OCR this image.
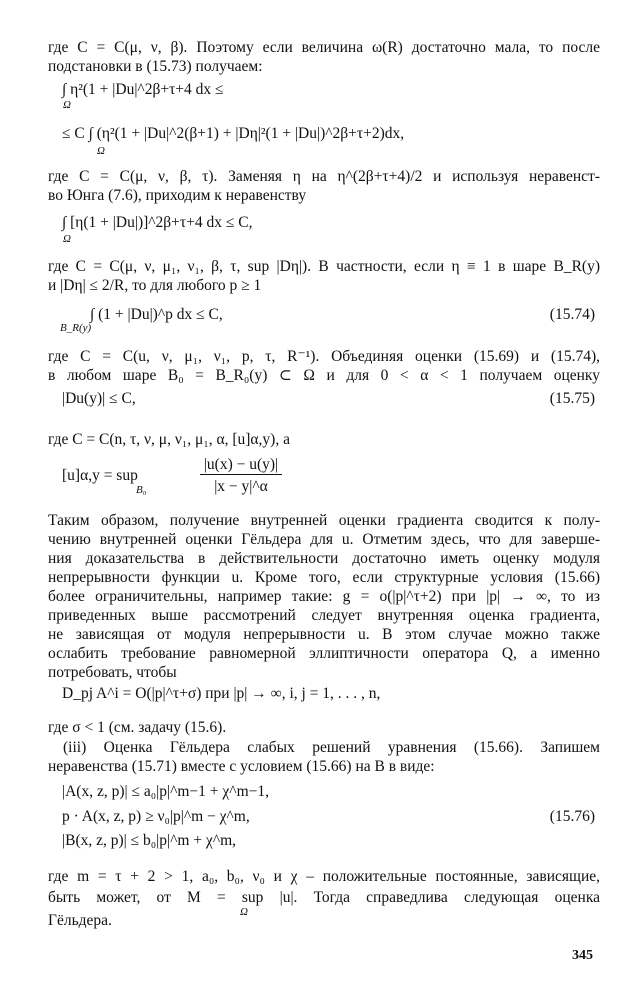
где C = C(μ, ν, β). Поэтому если величина ω(R) достаточно мала, то после
подстановки в (15.73) получаем:
∫ η²(1 + |Du|^2β+τ+4 dx ≤
Ω
≤ C ∫ (η²(1 + |Du|^2(β+1) + |Dη|²(1 + |Du|)^2β+τ+2)dx,
Ω
где C = C(μ, ν, β, τ). Заменяя η на η^(2β+τ+4)/2 и используя неравенст-
во Юнга (7.6), приходим к неравенству
∫ [η(1 + |Du|)]^2β+τ+4 dx ≤ C,
Ω
где C = C(μ, ν, μ₁, ν₁, β, τ, sup |Dη|). В частности, если η ≡ 1 в шаре B_R(y)
и |Dη| ≤ 2/R, то для любого p ≥ 1
∫ (1 + |Du|)^p dx ≤ C,
B_R(y)
(15.74)
где C = C(u, ν, μ₁, ν₁, p, τ, R⁻¹). Объединяя оценки (15.69) и (15.74),
в любом шаре B₀ = B_R₀(y) ⊂ Ω и для 0 < α < 1 получаем оценку
|Du(y)| ≤ C,	(15.75)
где C = C(n, τ, ν, μ, ν₁, μ₁, α, [u]α,y), а
[u]α,y = sup
B₀
|u(x) − u(y)|
|x − y|^α
Таким образом, получение внутренней оценки градиента сводится к полу-
чению внутренней оценки Гёльдера для u. Отметим здесь, что для заверше-
ния доказательства в действительности достаточно иметь оценку модуля
непрерывности функции u. Кроме того, если структурные условия (15.66)
более ограничительны, например такие: g = o(|p|^τ+2) при |p| → ∞, то из
приведенных выше рассмотрений следует внутренняя оценка градиента,
не зависящая от модуля непрерывности u. В этом случае можно также
ослабить требование равномерной эллиптичности оператора Q, а именно
потребовать, чтобы
D_pj A^i = O(|p|^τ+σ) при |p| → ∞, i, j = 1, . . . , n,
где σ < 1 (см. задачу (15.6).
(iii) Оценка Гёльдера слабых решений уравнения (15.66). Запишем
неравенства (15.71) вместе с условием (15.66) на B в виде:
|A(x, z, p)| ≤ a₀|p|^m−1 + χ^m−1,
p · A(x, z, p) ≥ ν₀|p|^m − χ^m,
|B(x, z, p)| ≤ b₀|p|^m + χ^m,
(15.76)
где m = τ + 2 > 1, a₀, b₀, ν₀ и χ – положительные постоянные, зависящие,
быть может, от M = sup |u|. Тогда справедлива следующая оценка
Ω
Гёльдера.
345
